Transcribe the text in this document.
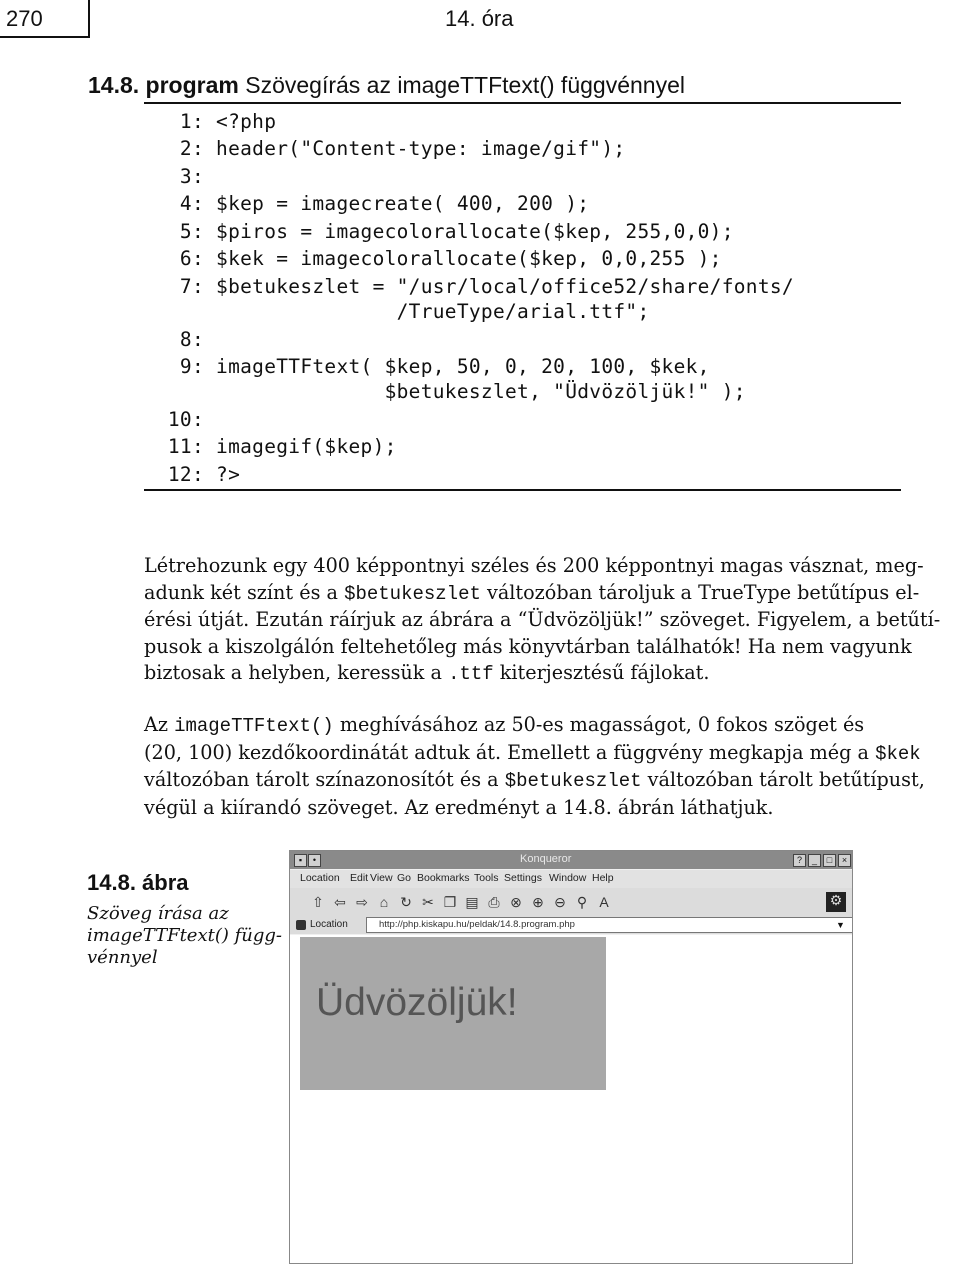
270	14. óra
14.8. program Szövegírás az imageTTFtext() függvénnyel
1: <?php
2: header("Content-type: image/gif");
3:
4: $kep = imagecreate( 400, 200 );
5: $piros = imagecolorallocate($kep, 255,0,0);
6: $kek = imagecolorallocate($kep, 0,0,255 );
7: $betukeszlet = "/usr/local/office52/share/fonts/
/TrueType/arial.ttf";
8:
9: imageTTFtext( $kep, 50, 0, 20, 100, $kek,
$betukeszlet, "Üdvözöljük!" );
10:
11: imagegif($kep);
12: ?>
Létrehozunk egy 400 képpontnyi széles és 200 képpontnyi magas vásznat, meg-
adunk két színt és a $betukeszlet változóban tároljuk a TrueType betűtípus el-
érési útját. Ezután ráírjuk az ábrára a “Üdvözöljük!” szöveget. Figyelem, a betűtí-
pusok a kiszolgálón feltehetőleg más könyvtárban találhatók! Ha nem vagyunk
biztosak a helyben, keressük a .ttf kiterjesztésű fájlokat.
Az imageTTFtext() meghívásához az 50-es magasságot, 0 fokos szöget és
(20, 100) kezdőkoordinátát adtuk át. Emellett a függvény megkapja még a $kek
változóban tárolt színazonosítót és a $betukeszlet változóban tárolt betűtípust,
végül a kiírandó szöveget. Az eredményt a 14.8. ábrán láthatjuk.
14.8. ábra
Szöveg írása az
imageTTFtext() függ-
vénnyel
▪	•	Konqueror	?	_	□	×
Location Edit View Go Bookmarks Tools Settings Window Help
⇧ ⇦ ⇨ ⌂ ↻ ✂ ❐ ▤ ⎙ ⊗ ⊕ ⊖ ⚲ A	⚙
Location	http://php.kiskapu.hu/peldak/14.8.program.php	▼
Üdvözöljük!
